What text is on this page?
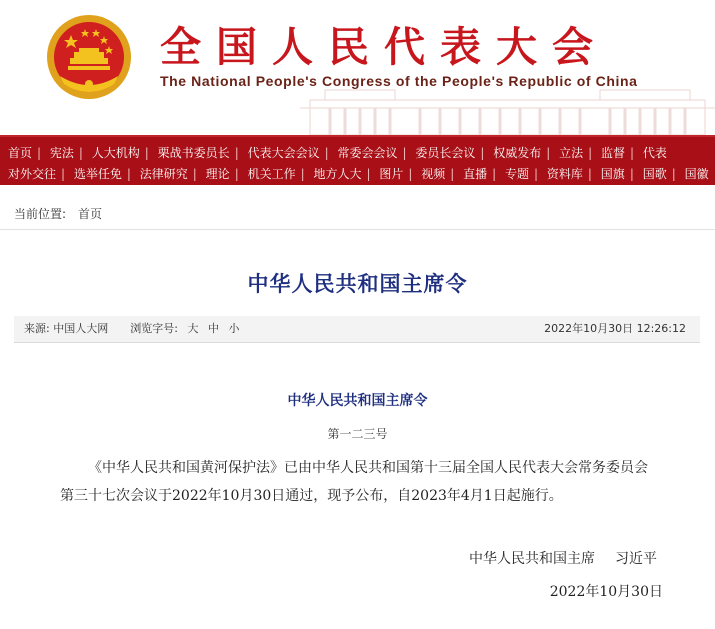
全国人民代表大会
The National People's Congress of the People's Republic of China
首页 | 宪法 | 人大机构 | 栗战书委员长 | 代表大会会议 | 常委会会议 | 委员长会议 | 权威发布 | 立法 | 监督 | 代表
对外交往 | 选举任免 | 法律研究 | 理论 | 机关工作 | 地方人大 | 图片 | 视频 | 直播 | 专题 | 资料库 | 国旗 | 国歌 | 国徽
当前位置: 首页
中华人民共和国主席令
来源: 中国人大网 浏览字号: 大 中 小	2022年10月30日 12:26:12
中华人民共和国主席令
第一二三号
《中华人民共和国黄河保护法》已由中华人民共和国第十三届全国人民代表大会常务委员会第三十七次会议于2022年10月30日通过，现予公布，自2023年4月1日起施行。
中华人民共和国主席 习近平
2022年10月30日
